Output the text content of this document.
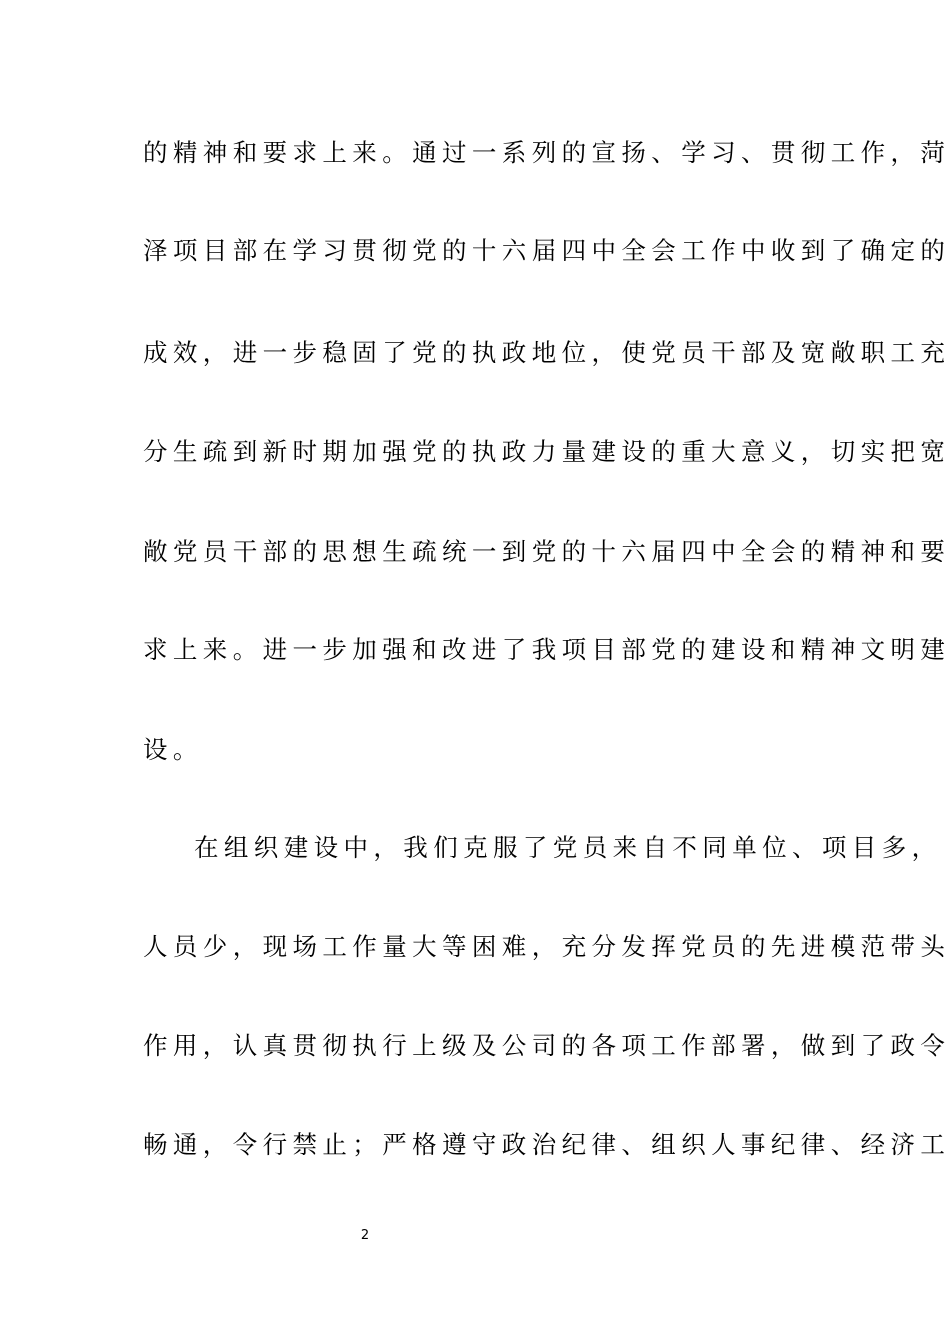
的精神和要求上来。通过一系列的宣扬、学习、贯彻工作，菏
泽项目部在学习贯彻党的十六届四中全会工作中收到了确定的
成效，进一步稳固了党的执政地位，使党员干部及宽敞职工充
分生疏到新时期加强党的执政力量建设的重大意义，切实把宽
敞党员干部的思想生疏统一到党的十六届四中全会的精神和要
求上来。进一步加强和改进了我项目部党的建设和精神文明建
设。
在组织建设中，我们克服了党员来自不同单位、项目多，
人员少，现场工作量大等困难，充分发挥党员的先进模范带头
作用，认真贯彻执行上级及公司的各项工作部署，做到了政令
畅通，令行禁止；严格遵守政治纪律、组织人事纪律、经济工
2
